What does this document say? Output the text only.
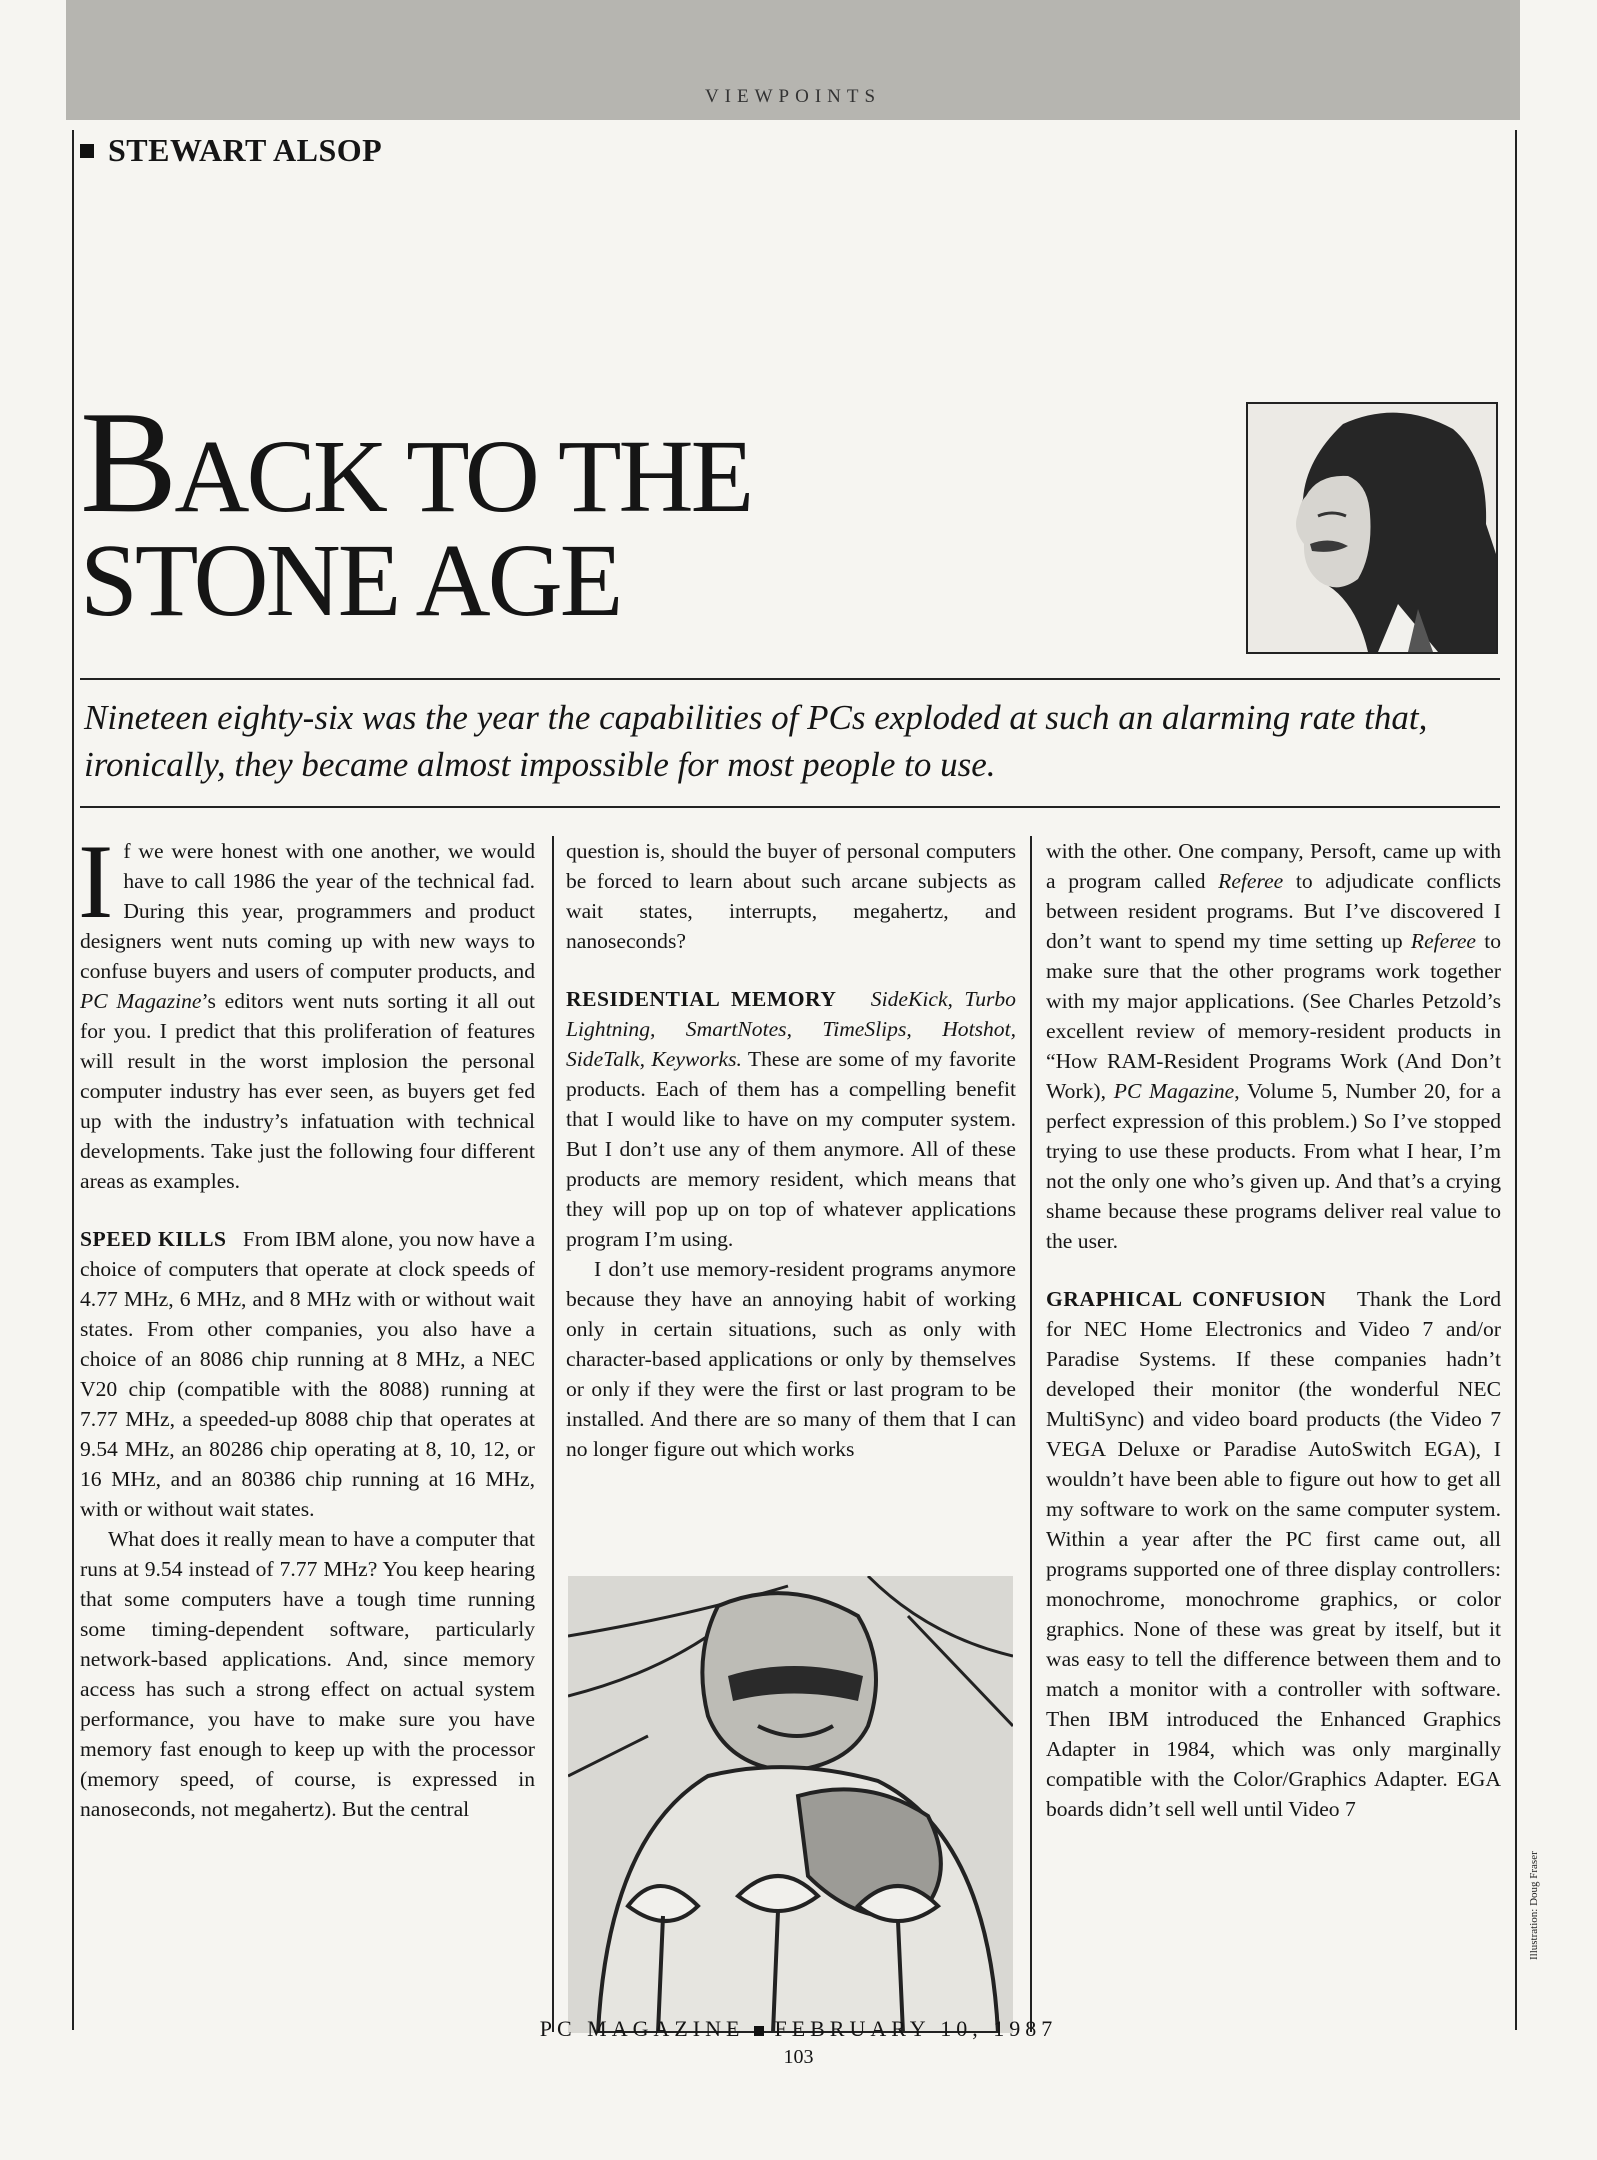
VIEWPOINTS
STEWART ALSOP
BACK TO THE
STONE AGE
Nineteen eighty-six was the year the capabilities of PCs exploded at such an alarming rate that, ironically, they became almost impossible for most people to use.

If we were honest with one another, we would have to call 1986 the year of the technical fad. During this year, programmers and product designers went nuts coming up with new ways to confuse buyers and users of computer products, and PC Magazine’s editors went nuts sorting it all out for you. I predict that this proliferation of features will result in the worst implosion the personal computer industry has ever seen, as buyers get fed up with the industry’s infatuation with technical developments. Take just the following four different areas as examples.

SPEED KILLS From IBM alone, you now have a choice of computers that operate at clock speeds of 4.77 MHz, 6 MHz, and 8 MHz with or without wait states. From other companies, you also have a choice of an 8086 chip running at 8 MHz, a NEC V20 chip (compatible with the 8088) running at 7.77 MHz, a speeded-up 8088 chip that operates at 9.54 MHz, an 80286 chip operating at 8, 10, 12, or 16 MHz, and an 80386 chip running at 16 MHz, with or without wait states.

What does it really mean to have a computer that runs at 9.54 instead of 7.77 MHz? You keep hearing that some computers have a tough time running some timing-dependent software, particularly network-based applications. And, since memory access has such a strong effect on actual system performance, you have to make sure you have memory fast enough to keep up with the processor (memory speed, of course, is expressed in nanoseconds, not megahertz). But the central

question is, should the buyer of personal computers be forced to learn about such arcane subjects as wait states, interrupts, megahertz, and nanoseconds?

RESIDENTIAL MEMORY SideKick, Turbo Lightning, SmartNotes, TimeSlips, Hotshot, SideTalk, Keyworks. These are some of my favorite products. Each of them has a compelling benefit that I would like to have on my computer system. But I don’t use any of them anymore. All of these products are memory resident, which means that they will pop up on top of whatever applications program I’m using.

I don’t use memory-resident programs anymore because they have an annoying habit of working only in certain situations, such as only with character-based applications or only by themselves or only if they were the first or last program to be installed. And there are so many of them that I can no longer figure out which works

with the other. One company, Persoft, came up with a program called Referee to adjudicate conflicts between resident programs. But I’ve discovered I don’t want to spend my time setting up Referee to make sure that the other programs work together with my major applications. (See Charles Petzold’s excellent review of memory-resident products in “How RAM-Resident Programs Work (And Don’t Work), PC Magazine, Volume 5, Number 20, for a perfect expression of this problem.) So I’ve stopped trying to use these products. From what I hear, I’m not the only one who’s given up. And that’s a crying shame because these programs deliver real value to the user.

GRAPHICAL CONFUSION Thank the Lord for NEC Home Electronics and Video 7 and/or Paradise Systems. If these companies hadn’t developed their monitor (the wonderful NEC MultiSync) and video board products (the Video 7 VEGA Deluxe or Paradise AutoSwitch EGA), I wouldn’t have been able to figure out how to get all my software to work on the same computer system. Within a year after the PC first came out, all programs supported one of three display controllers: monochrome, monochrome graphics, or color graphics. None of these was great by itself, but it was easy to tell the difference between them and to match a monitor with a controller with software. Then IBM introduced the Enhanced Graphics Adapter in 1984, which was only marginally compatible with the Color/Graphics Adapter. EGA boards didn’t sell well until Video 7

Illustration: Doug Fraser
PC MAGAZINE FEBRUARY 10, 1987
103
